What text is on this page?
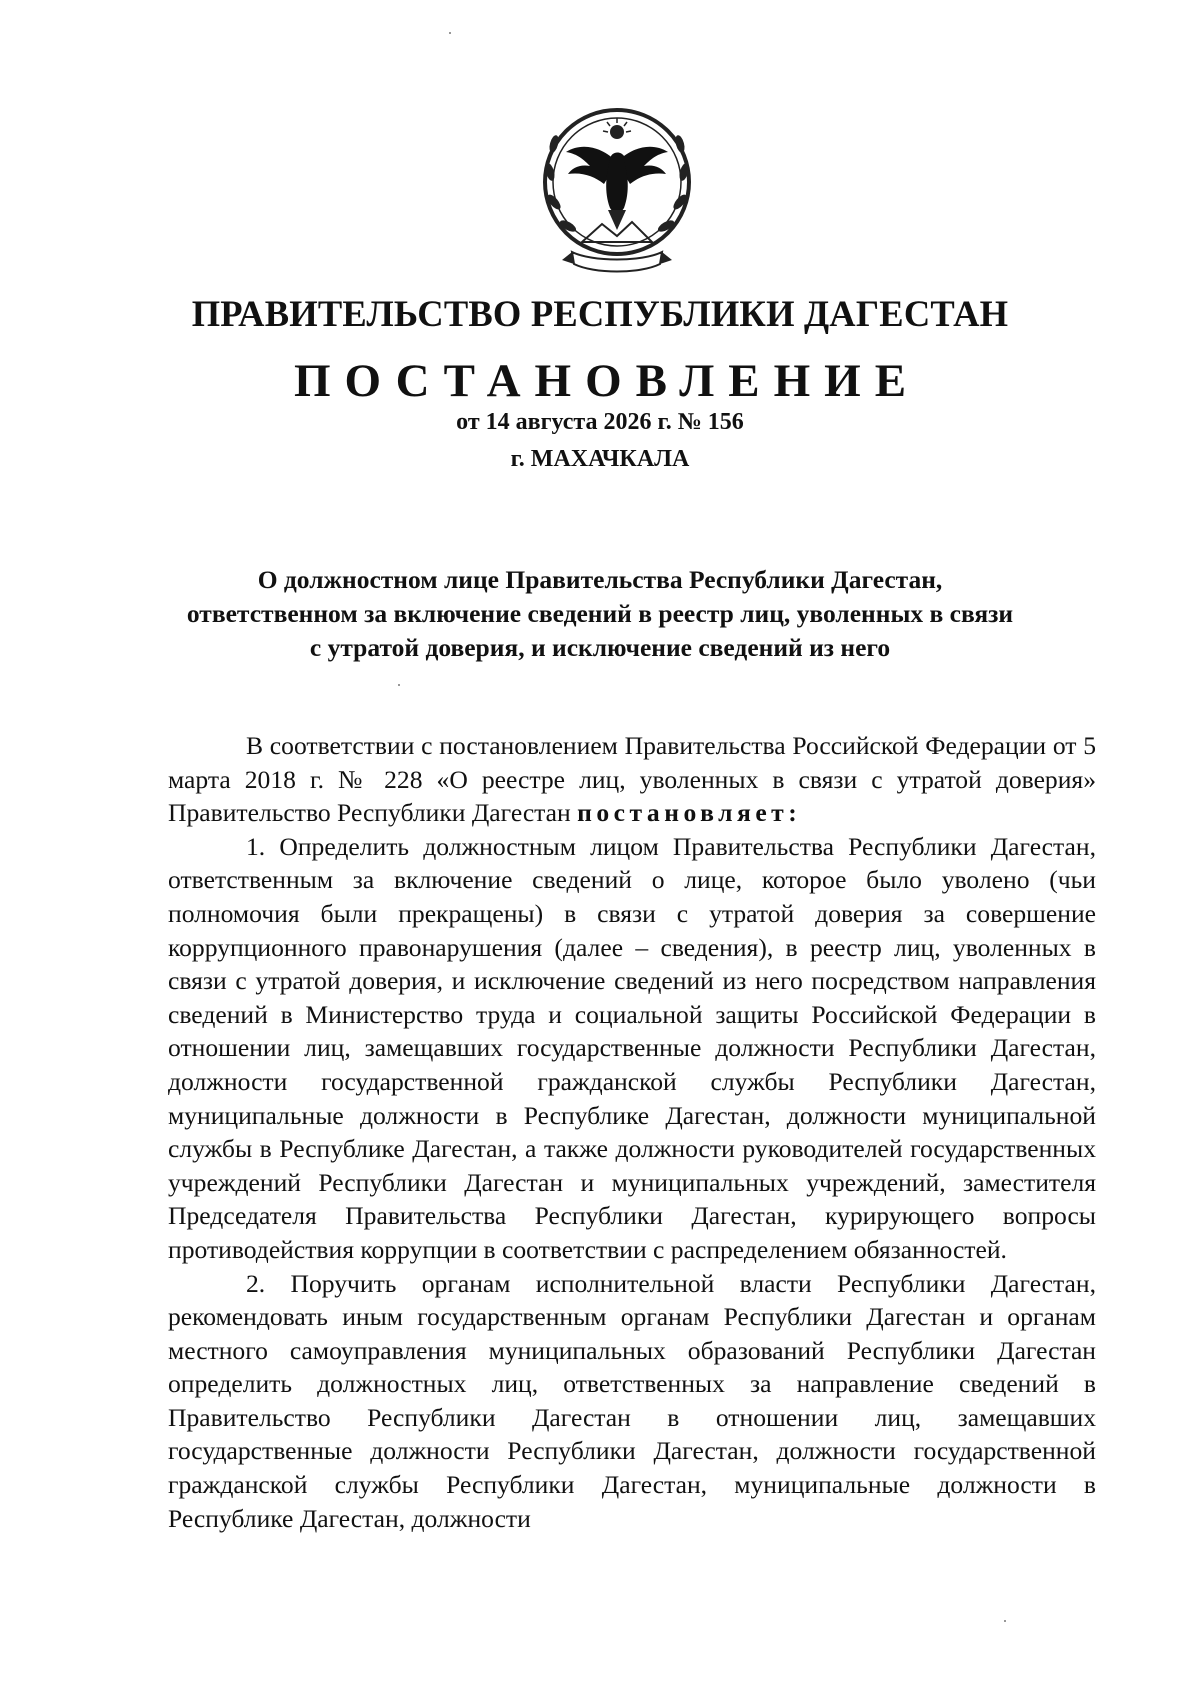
ПРАВИТЕЛЬСТВО РЕСПУБЛИКИ ДАГЕСТАН
ПОСТАНОВЛЕНИЕ
от 14 августа 2026 г. № 156
г. МАХАЧКАЛА
О должностном лице Правительства Республики Дагестан,
ответственном за включение сведений в реестр лиц, уволенных в связи
с утратой доверия, и исключение сведений из него

В соответствии с постановлением Правительства Российской Федерации от 5 марта 2018 г. № 228 «О реестре лиц, уволенных в связи с утратой доверия» Правительство Республики Дагестан постановляет:

1. Определить должностным лицом Правительства Республики Дагестан, ответственным за включение сведений о лице, которое было уволено (чьи полномочия были прекращены) в связи с утратой доверия за совершение коррупционного правонарушения (далее – сведения), в реестр лиц, уволенных в связи с утратой доверия, и исключение сведений из него посредством направления сведений в Министерство труда и социальной защиты Российской Федерации в отношении лиц, замещавших государственные должности Республики Дагестан, должности государственной гражданской службы Республики Дагестан, муниципальные должности в Республике Дагестан, должности муниципальной службы в Республике Дагестан, а также должности руководителей государственных учреждений Республики Дагестан и муниципальных учреждений, заместителя Председателя Правительства Республики Дагестан, курирующего вопросы противодействия коррупции в соответствии с распределением обязанностей.

2. Поручить органам исполнительной власти Республики Дагестан, рекомендовать иным государственным органам Республики Дагестан и органам местного самоуправления муниципальных образований Республики Дагестан определить должностных лиц, ответственных за направление сведений в Правительство Республики Дагестан в отношении лиц, замещавших государственные должности Республики Дагестан, должности государственной гражданской службы Республики Дагестан, муниципальные должности в Республике Дагестан, должности
